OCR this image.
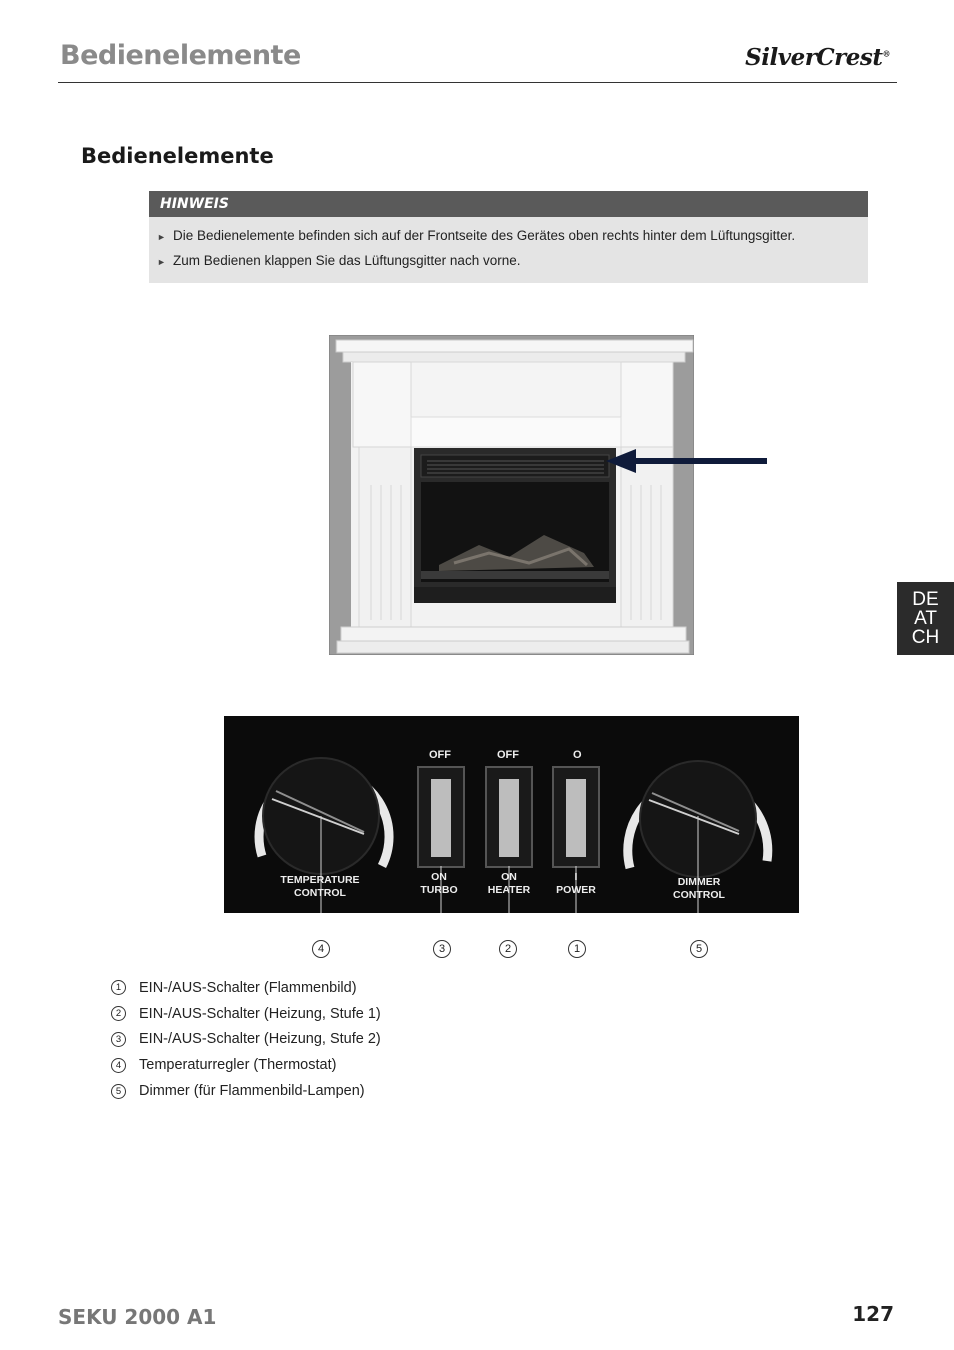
Bedienelemente	SilverCrest®
Bedienelemente
HINWEIS
► Die Bedienelemente befinden sich auf der Frontseite des Gerätes oben rechts hinter dem Lüftungsgitter.
► Zum Bedienen klappen Sie das Lüftungsgitter nach vorne.
OFF	OFF	O
TEMPERATURE
CONTROL
ON
TURBO
ON
HEATER
I
POWER
DIMMER
CONTROL
4	3	2	1	5
1	EIN-/AUS-Schalter (Flammenbild)
2	EIN-/AUS-Schalter (Heizung, Stufe 1)
3	EIN-/AUS-Schalter (Heizung, Stufe 2)
4	Temperaturregler (Thermostat)
5	Dimmer (für Flammenbild-Lampen)
DE
AT
CH
SEKU 2000 A1	127
